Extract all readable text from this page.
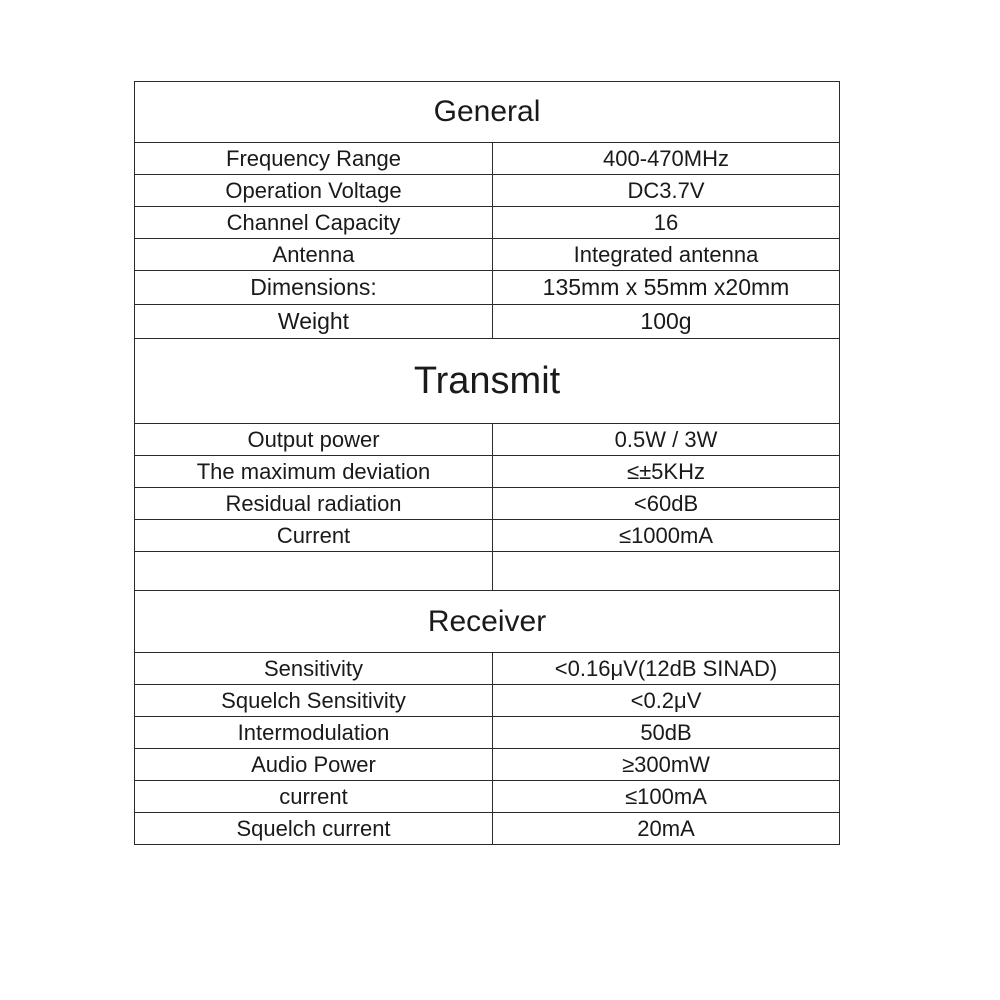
General	
Frequency Range	400-470MHz
Operation Voltage	DC3.7V
Channel Capacity	16
Antenna	Integrated antenna
Dimensions:	135mm x 55mm x20mm
Weight	100g
Transmit	
Output power	0.5W / 3W
The maximum deviation	≤±5KHz
Residual radiation	<60dB
Current	≤1000mA

Receiver	
Sensitivity	<0.16μV(12dB SINAD)
Squelch Sensitivity	<0.2μV
Intermodulation	50dB
Audio Power	≥300mW
current	≤100mA
Squelch current	20mA
